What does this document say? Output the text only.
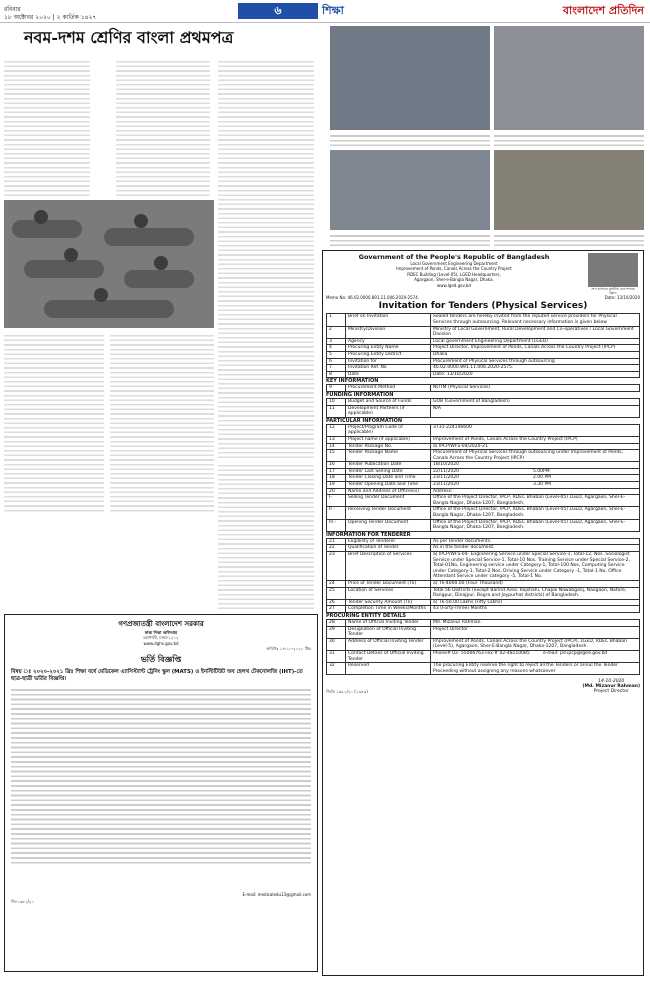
রবিবার
১৮ অক্টোবর ২০২০ | ২ কার্তিক ১৪২৭
৬	শিক্ষা	বাংলাদেশ প্রতিদিন
নবম-দশম শ্রেণির বাংলা প্রথমপত্র
গণপ্রজাতন্ত্রী বাংলাদেশ সরকার
স্বাস্থ্য শিক্ষা অধিদপ্তর
মহাখালী, ঢাকা-১২১২
www.dghs.gov.bd
তারিখঃ ১৪-১০-২০২০ খ্রিঃ
ভর্তি বিজ্ঞপ্তি
বিষয় ঃ ২০২০-২০২১ খ্রিঃ শিক্ষা বর্ষে মেডিকেল এ্যাসিস্ট্যান্ট ট্রেনিং স্কুল (MATS) ও ইনস্টিটিউট অব হেলথ টেকনোলজি (IHT)-তে ছাত্র-ছাত্রী ভর্তির বিজ্ঞপ্তি।
E-mail: medicaledu13@gmail.com
জি-১৯৮১/২০
Government of the People's Republic of Bangladesh
Local Government Engineering Department
Improvement of Ponds, Canals Across the Country Project
RDEC Building (Level-05), LGED Headquarters,
Agargaon, Sher-e-Bangla Nagar, Dhaka.
www.lged.gov.bd
শেখ হাসিনার মূলনীতি গ্রাম শহরের উন্নতি
Memo No: 46.02.0000.891.11.006.2020-2574.	Date: 13/10/2020
Invitation for Tenders (Physical Services)
1	Brief on Invitation	Sealed tenders are hereby invited from the reputed service providers for Physical Services through outsourcing. Relevant necessary information is given below
2	Ministry/Division	Ministry of Local Government, Rural Development and Co-operatives / Local Government Division
3	Agency	Local government Engineering Department (LGED)
4	Procuring Entity Name	Project Director, Improvement of Ponds, Canals Across the Country Project (IPCP)
5	Procuring Entity District	Dhaka
6	Invitation for	Procurement of Physical Services through outsourcing
7	Invitation Ref. No	46.02.0000.891.11.006.2020-2575.
8	Date	Date: 13/10/2020
KEY INFORMATION
9	Procurement Method	NOTM (Physical Services)
FUNDING INFORMATION
10	Budget and Source of Funds	GOB (Government of Bangladesh)
11	Development Partners (if applicable)	N/A
PARTICULAR INFORMATION
12	Project/Program Code (if applicable)	3731-224146600
13	Project name (if applicable)	Improvement of Ponds, Canals Across the Country Project (IPCP)
14	Tender Package No.	a) IPCP/WFS-04/2020-21
15	Tender Package Name	Procurement of Physical Services through outsourcing under Improvement of Ponds, Canals Across the Country Project (IPCP)
16	Tender Publication Date	18/10/2020
17	Tender Last Selling Date	22/11/2020 5.00PM
18	Tender Closing Date and Time	23/11/2020 2.00 PM
19	Tender Opening Date and Time	23/11/2020 3.30 PM
20	Name and Address of Offices(s)	Address:
I-	Selling Tender Document	Office of the Project Director, IPCP, RDEC Bhaban (Level-05) LGED, Agargaon, Sher-E-Bangla Nagar, Dhaka-1207, Bangladesh.
II -	Receiving Tender Document	Office of the Project Director, IPCP, RDEC Bhaban (Level-05) LGED, Agargaon, Sher-E-Bangla Nagar, Dhaka-1207, Bangladesh.
III -	Opening Tender Document	Office of the Project Director, IPCP, RDEC Bhaban (Level-05) LGED, Agargaon, Sher-E-Bangla Nagar, Dhaka-1207, Bangladesh.
INFORMATION FOR TENDERER
21	Eligibility of Tenderer	As per tender documents.
22	Qualification of Tender	As in the tender document.
23	Brief Description of Services	a) IPCP/WFS-04- Engineering Service under Special Service-1, Total-12, Nos. Sociologist Service under Special Service-1, Total-10 Nos. Training Service under Special Service-2, Total-01No, Engineering service under Category-1, Total-100 Nos, Computing Service under Category-1, Total-2 Nos, Driving Service under Category -1, Total-1 No, Office Attendant Service under category -5, Total-1 No.
24	Price of Tender Document (Tk)	a) Tk-4000.00 (Four Thousand)
25	Location of Services	Total 56 Districts (except Barind Area: Rajshahi, Chapai Nawabganj, Naogaon, Natore, Rangpur, Dinajpur, Bogra and Joypurhat districts) of Bangladesh.
26	Tender Security Amount (Tk)	a) Tk-50.00 Lakhs (Fifty Lakhs)
27	Completion Time in Weeks/Months	43 (Forty-Three) Months
PROCURING ENTITY DETAILS
28	Name of Official Inviting Tender	Md. Mizanur Rahman.
29	Designation of Official Inviting Tender	Project Director
30	Address of Official Inviting Tender	Improvement of Ponds, Canals Across the Country Project (IPCP), LGED, RDEC Bhaban (Level-5), Agargaon, Sher-E-Bangla Nagar, Dhaka-1207, Bangladesh.
31	Contact Details of Official Inviting Tender	Phone# 02- 55006763 Fax # 02-48110085 e-mail: pd.ipcp@lged.gov.bd
32	Reserved	The procuring Entity reserve the right to reject all the Tenders or annul the Tender Proceeding without assigning any reasons whatsoever
জিডি ১৯৮০/২০ (১৯৪৯)
14-10-2020
(Md. Mizanur Rahman)
Project Director
